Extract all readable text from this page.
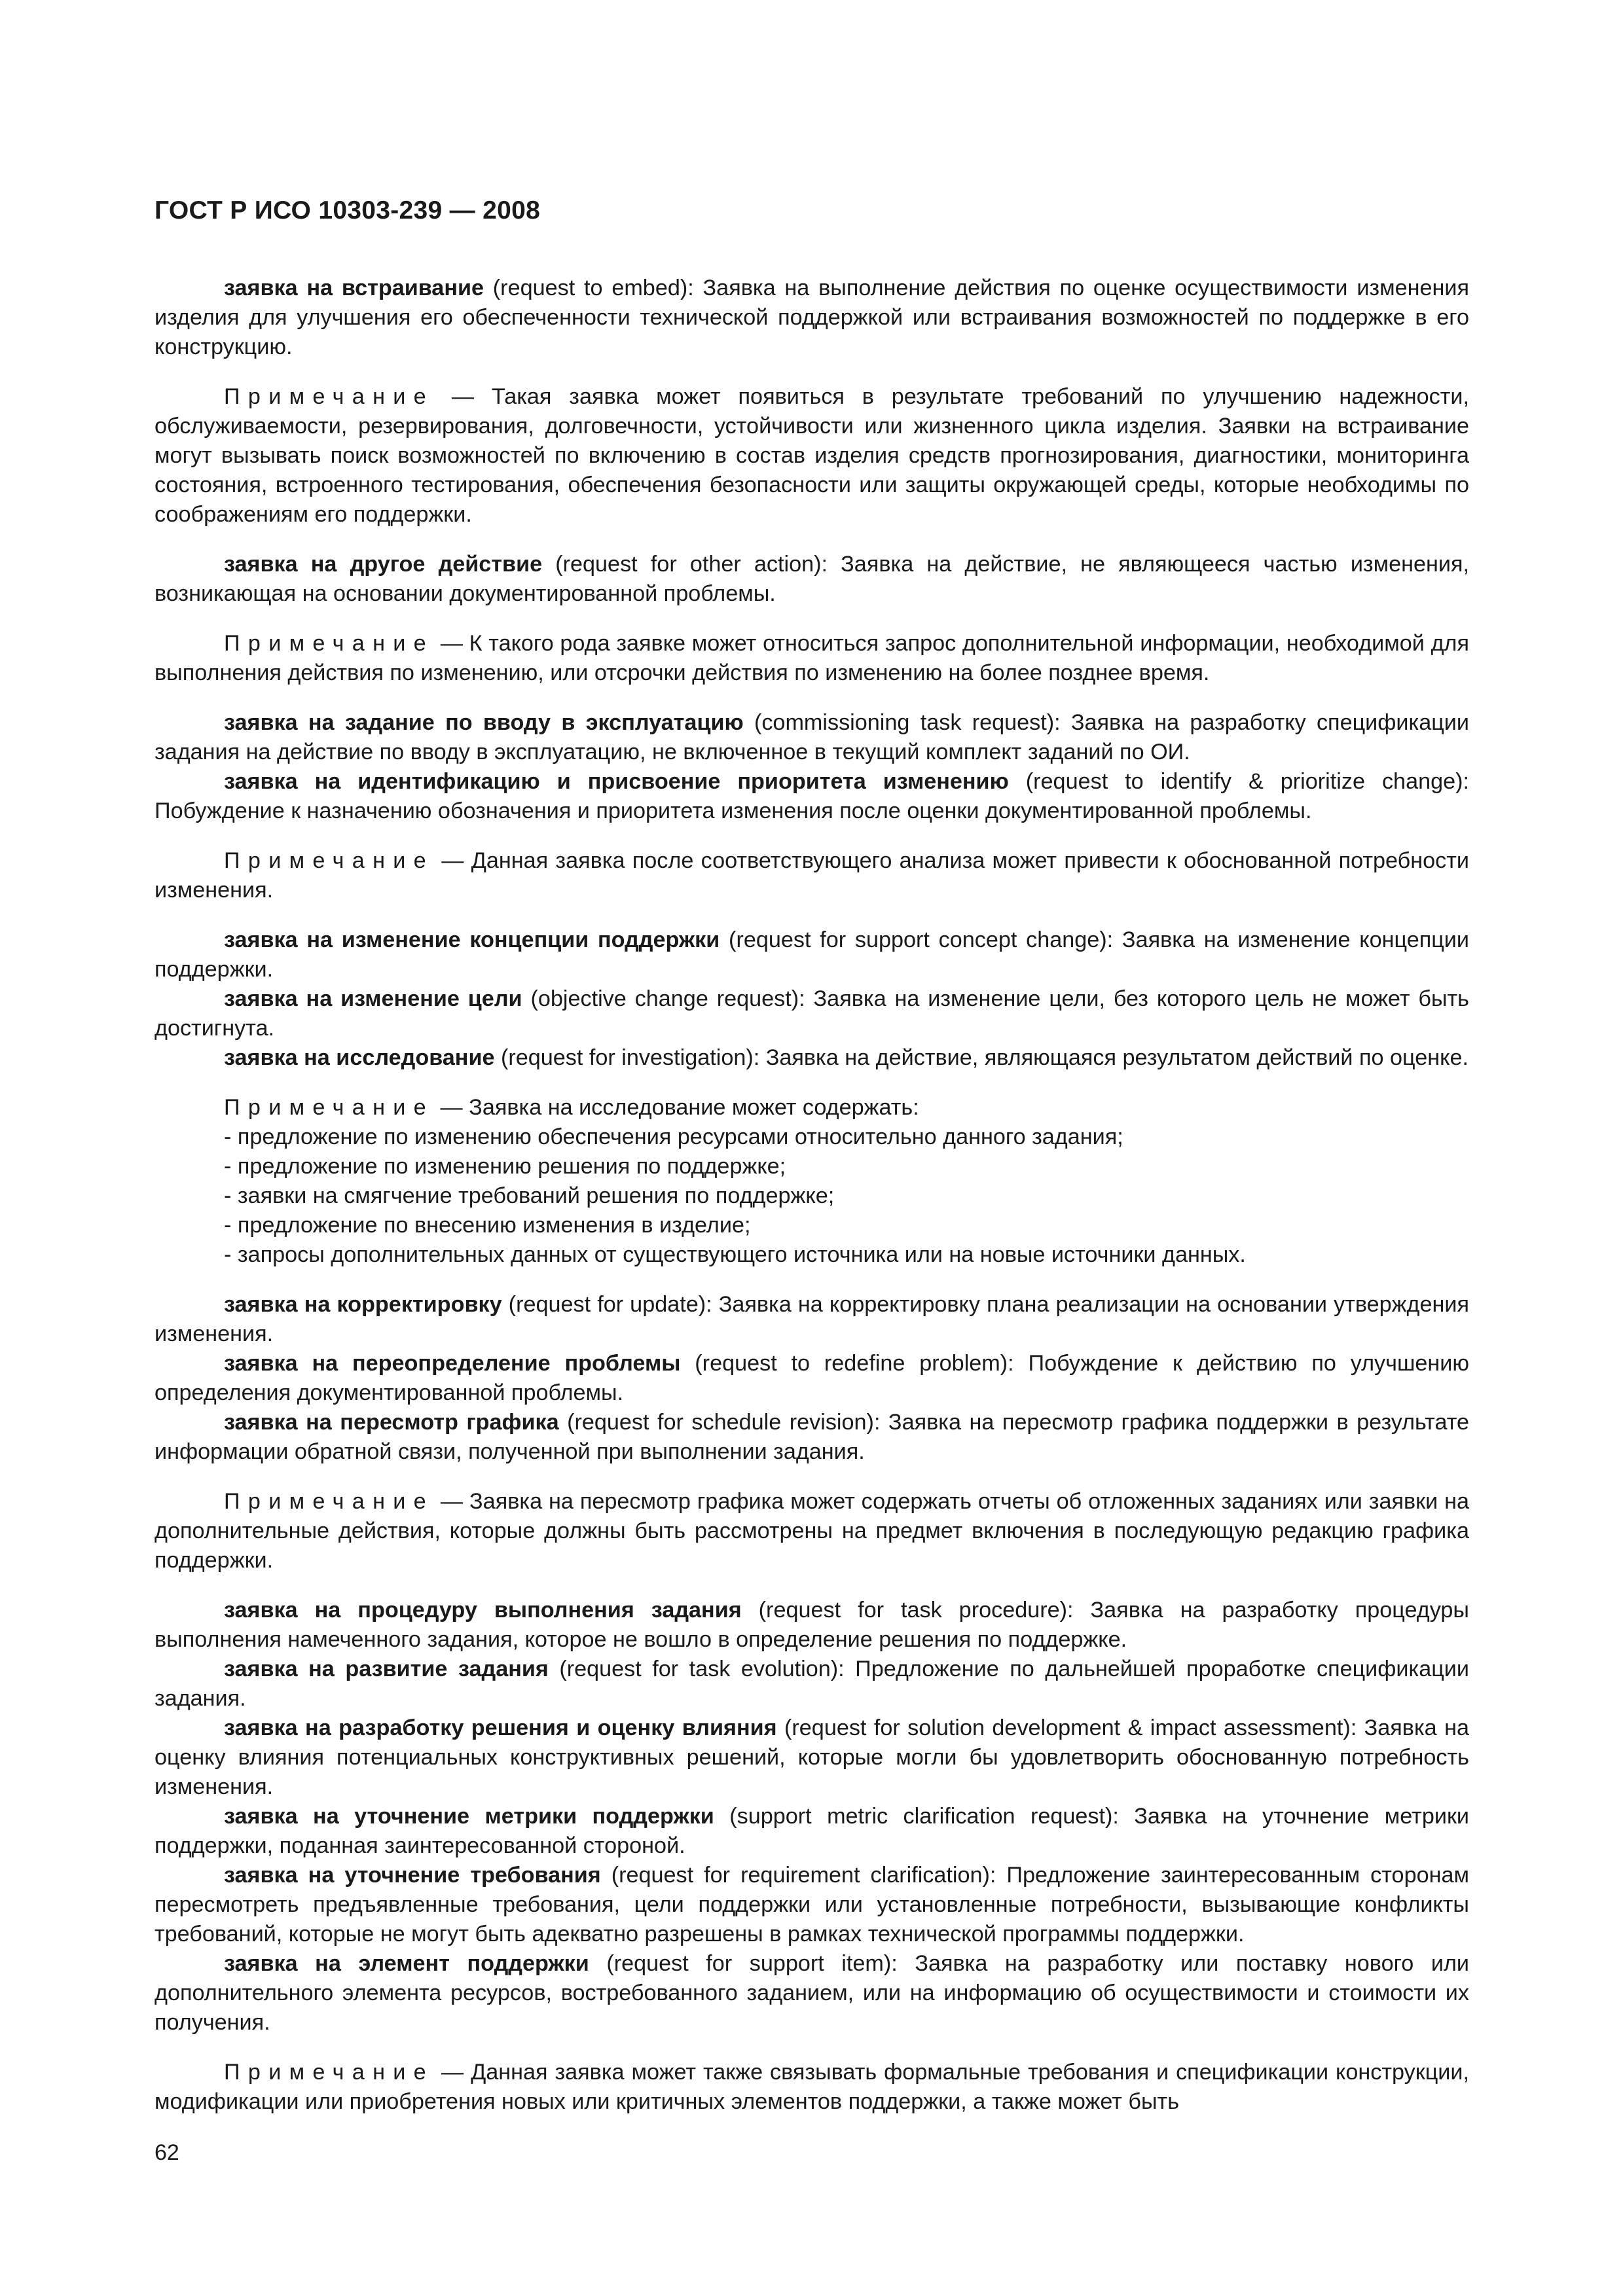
ГОСТ Р ИСО 10303-239 — 2008

заявка на встраивание (request to embed): Заявка на выполнение действия по оценке осуществимости изменения изделия для улучшения его обеспеченности технической поддержкой или встраивания возможностей по поддержке в его конструкцию.

Примечание — Такая заявка может появиться в результате требований по улучшению надежности, обслуживаемости, резервирования, долговечности, устойчивости или жизненного цикла изделия. Заявки на встраивание могут вызывать поиск возможностей по включению в состав изделия средств прогнозирования, диагностики, мониторинга состояния, встроенного тестирования, обеспечения безопасности или защиты окружающей среды, которые необходимы по соображениям его поддержки.

заявка на другое действие (request for other action): Заявка на действие, не являющееся частью изменения, возникающая на основании документированной проблемы.

Примечание — К такого рода заявке может относиться запрос дополнительной информации, необходимой для выполнения действия по изменению, или отсрочки действия по изменению на более позднее время.

заявка на задание по вводу в эксплуатацию (commissioning task request): Заявка на разработку спецификации задания на действие по вводу в эксплуатацию, не включенное в текущий комплект заданий по ОИ.

заявка на идентификацию и присвоение приоритета изменению (request to identify & prioritize change): Побуждение к назначению обозначения и приоритета изменения после оценки документированной проблемы.

Примечание — Данная заявка после соответствующего анализа может привести к обоснованной потребности изменения.

заявка на изменение концепции поддержки (request for support concept change): Заявка на изменение концепции поддержки.

заявка на изменение цели (objective change request): Заявка на изменение цели, без которого цель не может быть достигнута.

заявка на исследование (request for investigation): Заявка на действие, являющаяся результатом действий по оценке.

Примечание — Заявка на исследование может содержать:

- предложение по изменению обеспечения ресурсами относительно данного задания;
- предложение по изменению решения по поддержке;
- заявки на смягчение требований решения по поддержке;
- предложение по внесению изменения в изделие;
- запросы дополнительных данных от существующего источника или на новые источники данных.

заявка на корректировку (request for update): Заявка на корректировку плана реализации на основании утверждения изменения.

заявка на переопределение проблемы (request to redefine problem): Побуждение к действию по улучшению определения документированной проблемы.

заявка на пересмотр графика (request for schedule revision): Заявка на пересмотр графика поддержки в результате информации обратной связи, полученной при выполнении задания.

Примечание — Заявка на пересмотр графика может содержать отчеты об отложенных заданиях или заявки на дополнительные действия, которые должны быть рассмотрены на предмет включения в последующую редакцию графика поддержки.

заявка на процедуру выполнения задания (request for task procedure): Заявка на разработку процедуры выполнения намеченного задания, которое не вошло в определение решения по поддержке.

заявка на развитие задания (request for task evolution): Предложение по дальнейшей проработке спецификации задания.

заявка на разработку решения и оценку влияния (request for solution development & impact assessment): Заявка на оценку влияния потенциальных конструктивных решений, которые могли бы удовлетворить обоснованную потребность изменения.

заявка на уточнение метрики поддержки (support metric clarification request): Заявка на уточнение метрики поддержки, поданная заинтересованной стороной.

заявка на уточнение требования (request for requirement clarification): Предложение заинтересованным сторонам пересмотреть предъявленные требования, цели поддержки или установленные потребности, вызывающие конфликты требований, которые не могут быть адекватно разрешены в рамках технической программы поддержки.

заявка на элемент поддержки (request for support item): Заявка на разработку или поставку нового или дополнительного элемента ресурсов, востребованного заданием, или на информацию об осуществимости и стоимости их получения.

Примечание — Данная заявка может также связывать формальные требования и спецификации конструкции, модификации или приобретения новых или критичных элементов поддержки, а также может быть

62
